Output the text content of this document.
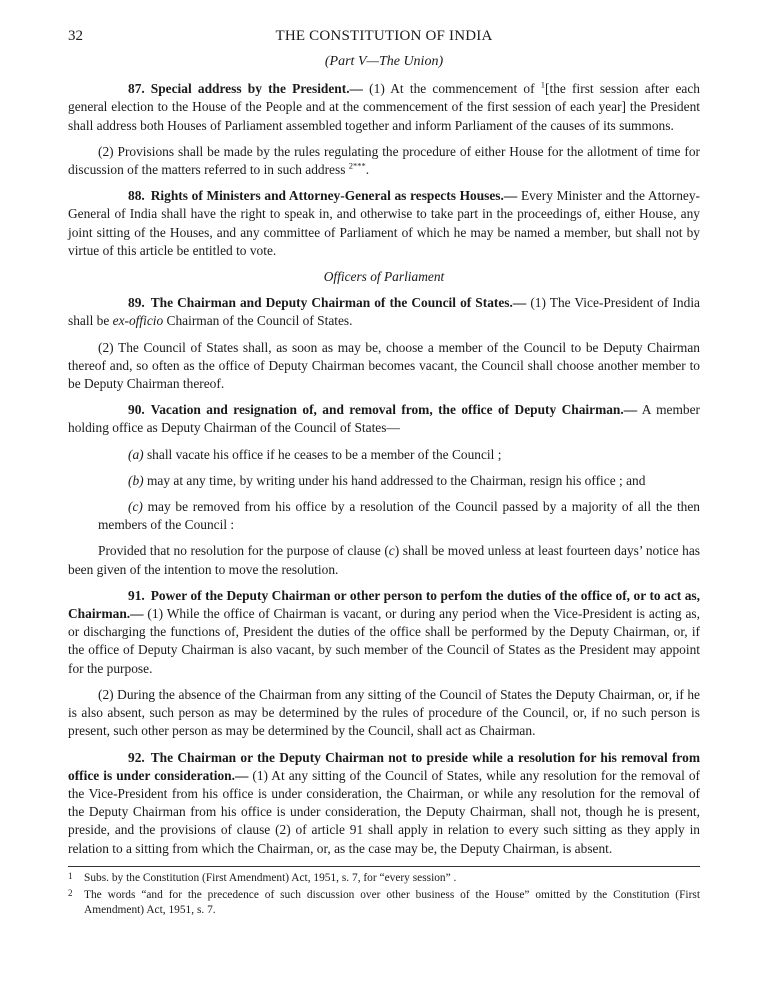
32	THE CONSTITUTION OF INDIA
(Part V—The Union)

87. Special address by the President.— (1) At the commencement of $^1$[the first session after each general election to the House of the People and at the commencement of the first session of each year] the President shall address both Houses of Parliament assembled together and inform Parliament of the causes of its summons.

(2) Provisions shall be made by the rules regulating the procedure of either House for the allotment of time for discussion of the matters referred to in such address $^{2***}$.

88. Rights of Ministers and Attorney-General as respects Houses.— Every Minister and the Attorney-General of India shall have the right to speak in, and otherwise to take part in the proceedings of, either House, any joint sitting of the Houses, and any committee of Parliament of which he may be named a member, but shall not by virtue of this article be entitled to vote.

Officers of Parliament

89. The Chairman and Deputy Chairman of the Council of States.— (1) The Vice-President of India shall be ex-officio Chairman of the Council of States.

(2) The Council of States shall, as soon as may be, choose a member of the Council to be Deputy Chairman thereof and, so often as the office of Deputy Chairman becomes vacant, the Council shall choose another member to be Deputy Chairman thereof.

90. Vacation and resignation of, and removal from, the office of Deputy Chairman.— A member holding office as Deputy Chairman of the Council of States—

(a) shall vacate his office if he ceases to be a member of the Council ;

(b) may at any time, by writing under his hand addressed to the Chairman, resign his office ; and

(c) may be removed from his office by a resolution of the Council passed by a majority of all the then members of the Council :

Provided that no resolution for the purpose of clause (c) shall be moved unless at least fourteen days’ notice has been given of the intention to move the resolution.

91. Power of the Deputy Chairman or other person to perfom the duties of the office of, or to act as, Chairman.— (1) While the office of Chairman is vacant, or during any period when the Vice-President is acting as, or discharging the functions of, President the duties of the office shall be performed by the Deputy Chairman, or, if the office of Deputy Chairman is also vacant, by such member of the Council of States as the President may appoint for the purpose.

(2) During the absence of the Chairman from any sitting of the Council of States the Deputy Chairman, or, if he is also absent, such person as may be determined by the rules of procedure of the Council, or, if no such person is present, such other person as may be determined by the Council, shall act as Chairman.

92. The Chairman or the Deputy Chairman not to preside while a resolution for his removal from office is under consideration.— (1) At any sitting of the Council of States, while any resolution for the removal of the Vice-President from his office is under consideration, the Chairman, or while any resolution for the removal of the Deputy Chairman from his office is under consideration, the Deputy Chairman, shall not, though he is present, preside, and the provisions of clause (2) of article 91 shall apply in relation to every such sitting as they apply in relation to a sitting from which the Chairman, or, as the case may be, the Deputy Chairman, is absent.

1 Subs. by the Constitution (First Amendment) Act, 1951, s. 7, for “every session” .
2 The words “and for the precedence of such discussion over other business of the House” omitted by the Constitution (First Amendment) Act, 1951, s. 7.
